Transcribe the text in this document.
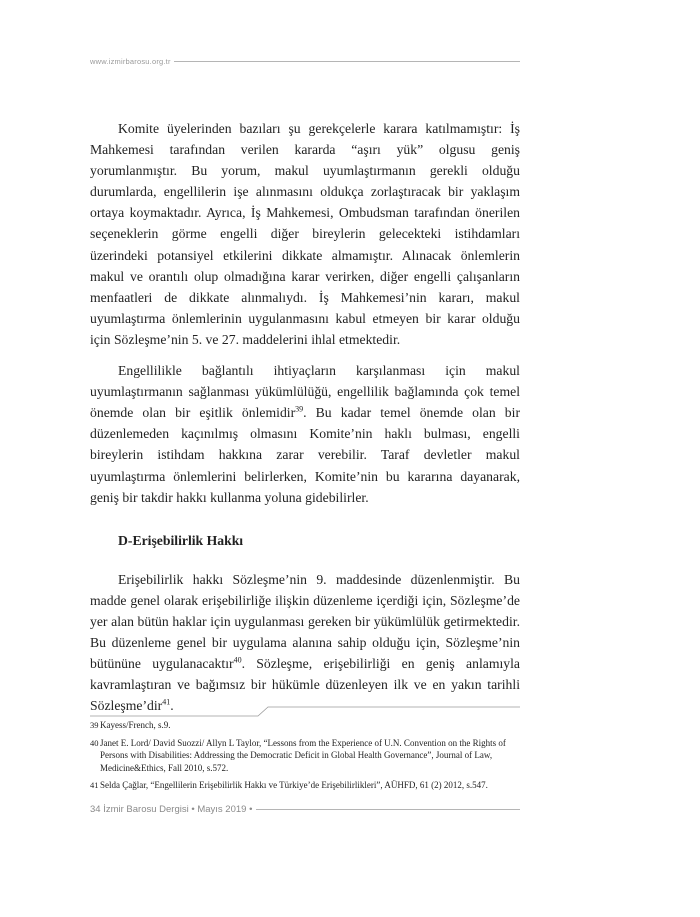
www.izmirbarosu.org.tr

Komite üyelerinden bazıları şu gerekçelerle karara katılmamıştır: İş Mahkemesi tarafından verilen kararda “aşırı yük” olgusu geniş yorumlanmıştır. Bu yorum, makul uyumlaştırmanın gerekli olduğu durumlarda, engellilerin işe alınmasını oldukça zorlaştıracak bir yaklaşım ortaya koymaktadır. Ayrıca, İş Mahkemesi, Ombudsman tarafından önerilen seçeneklerin görme engelli diğer bireylerin gelecekteki istihdamları üzerindeki potansiyel etkilerini dikkate almamıştır. Alınacak önlemlerin makul ve orantılı olup olmadığına karar verirken, diğer engelli çalışanların menfaatleri de dikkate alınmalıydı. İş Mahkemesi’nin kararı, makul uyumlaştırma önlemlerinin uygulanmasını kabul etmeyen bir karar olduğu için Sözleşme’nin 5. ve 27. maddelerini ihlal etmektedir.

Engellilikle bağlantılı ihtiyaçların karşılanması için makul uyumlaştırmanın sağlanması yükümlülüğü, engellilik bağlamında çok temel önemde olan bir eşitlik önlemidir$^{39}$. Bu kadar temel önemde olan bir düzenlemeden kaçınılmış olmasını Komite’nin haklı bulması, engelli bireylerin istihdam hakkına zarar verebilir. Taraf devletler makul uyumlaştırma önlemlerini belirlerken, Komite’nin bu kararına dayanarak, geniş bir takdir hakkı kullanma yoluna gidebilirler.

D-Erişebilirlik Hakkı

Erişebilirlik hakkı Sözleşme’nin 9. maddesinde düzenlenmiştir. Bu madde genel olarak erişebilirliğe ilişkin düzenleme içerdiği için, Sözleşme’de yer alan bütün haklar için uygulanması gereken bir yükümlülük getirmektedir. Bu düzenleme genel bir uygulama alanına sahip olduğu için, Sözleşme’nin bütününe uygulanacaktır$^{40}$. Sözleşme, erişebilirliği en geniş anlamıyla kavramlaştıran ve bağımsız bir hükümle düzenleyen ilk ve en yakın tarihli Sözleşme’dir$^{41}$.

39 Kayess/French, s.9.
40 Janet E. Lord/ David Suozzi/ Allyn L Taylor, “Lessons from the Experience of U.N. Convention on the Rights of Persons with Disabilities: Addressing the Democratic Deficit in Global Health Governance”, Journal of Law, Medicine&Ethics, Fall 2010, s.572.
41 Selda Çağlar, “Engellilerin Erişebilirlik Hakkı ve Türkiye’de Erişebilirlikleri”, AÜHFD, 61 (2) 2012, s.547.
34 İzmir Barosu Dergisi • Mayıs 2019 •
